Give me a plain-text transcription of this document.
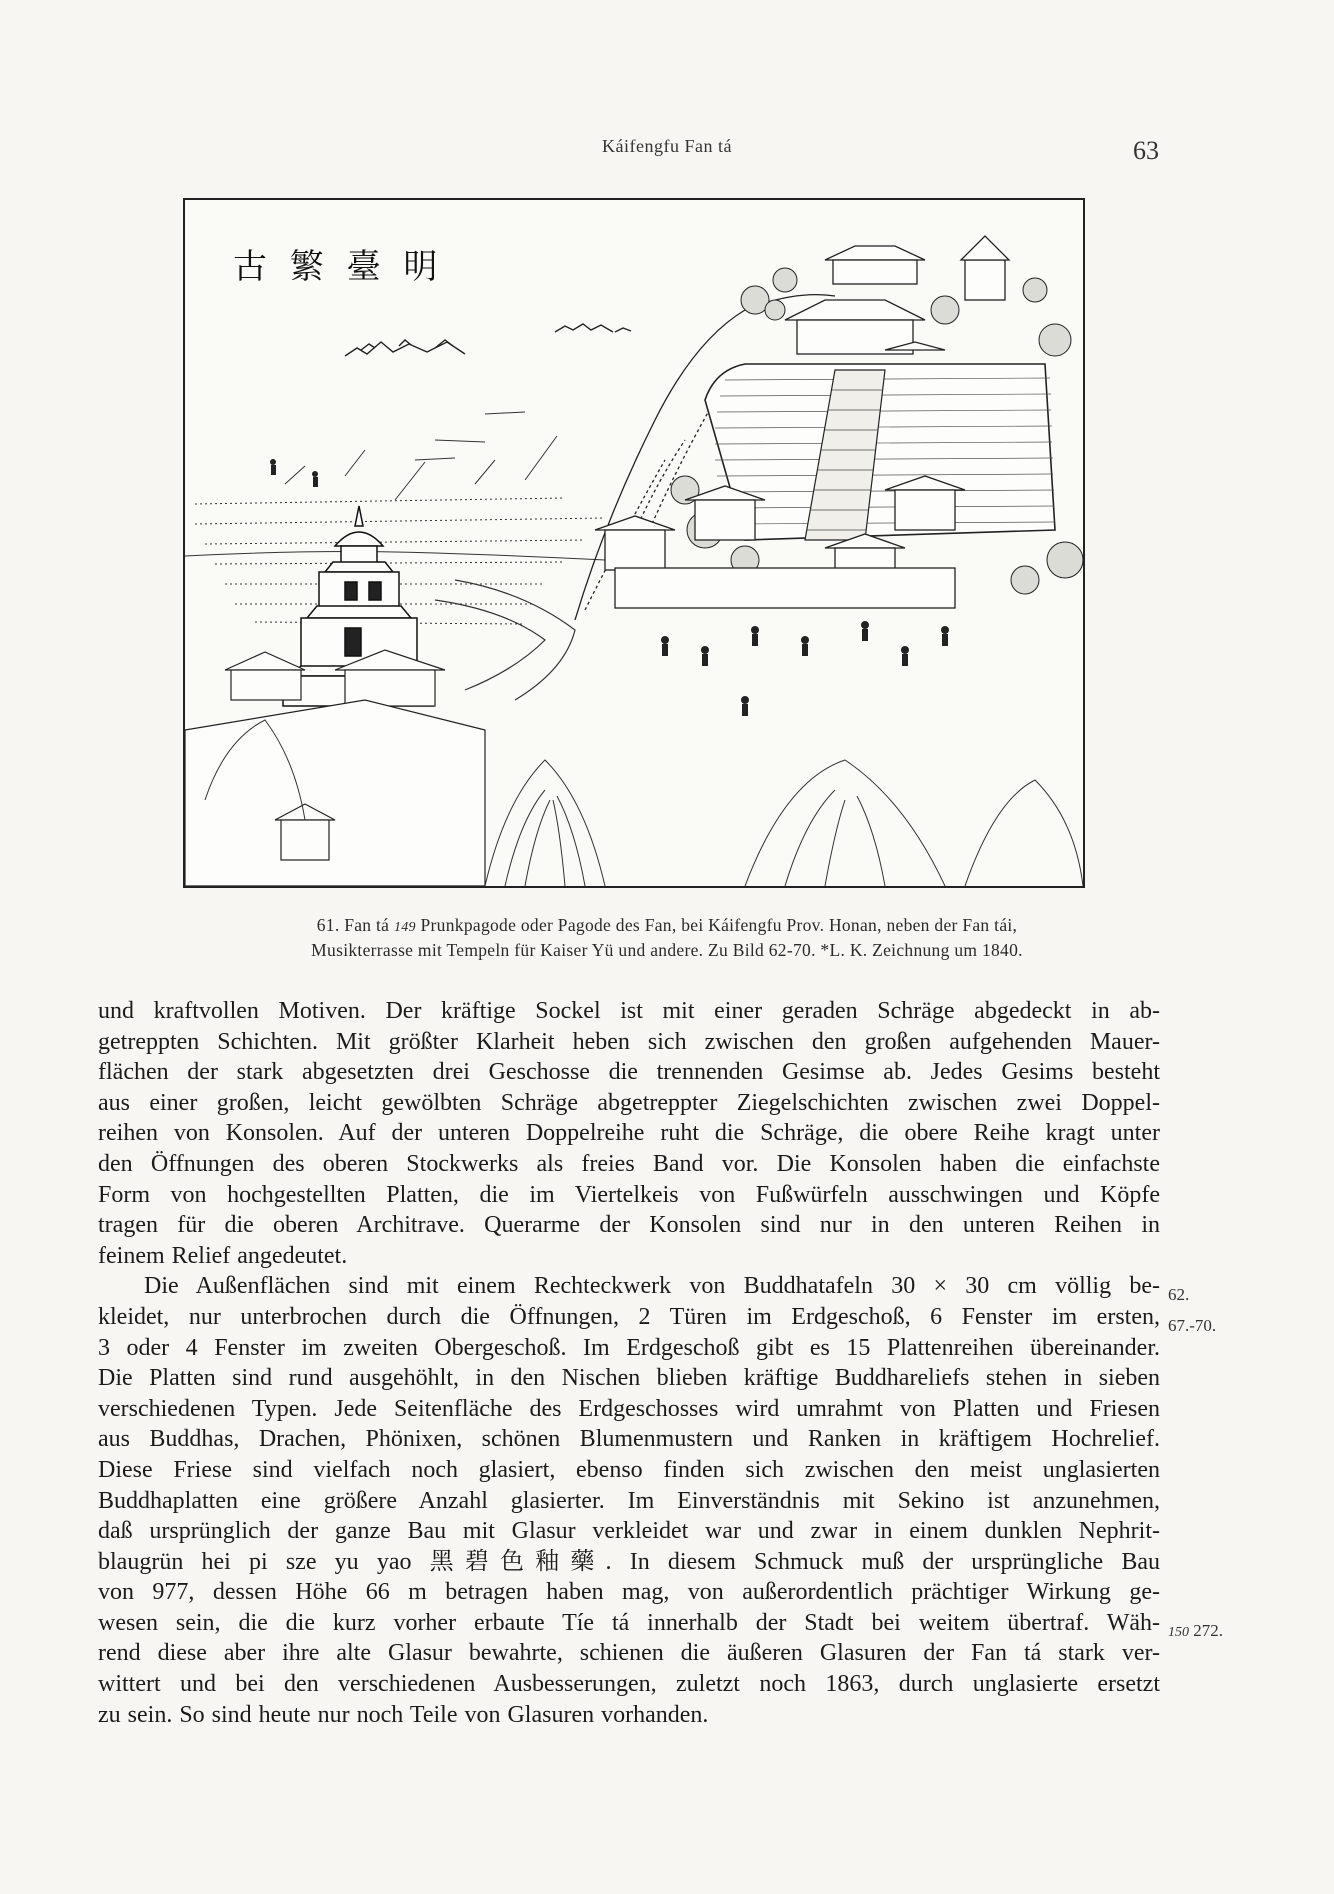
Káifengfu Fan tá	63
古 繁 臺 明
61. Fan tá 149 Prunkpagode oder Pagode des Fan, bei Káifengfu Prov. Honan, neben der Fan tái,
Musikterrasse mit Tempeln für Kaiser Yü und andere. Zu Bild 62-70. *L. K. Zeichnung um 1840.
und kraftvollen Motiven. Der kräftige Sockel ist mit einer geraden Schräge abgedeckt in ab-
getreppten Schichten. Mit größter Klarheit heben sich zwischen den großen aufgehenden Mauer-
flächen der stark abgesetzten drei Geschosse die trennenden Gesimse ab. Jedes Gesims besteht
aus einer großen, leicht gewölbten Schräge abgetreppter Ziegelschichten zwischen zwei Doppel-
reihen von Konsolen. Auf der unteren Doppelreihe ruht die Schräge, die obere Reihe kragt unter
den Öffnungen des oberen Stockwerks als freies Band vor. Die Konsolen haben die einfachste
Form von hochgestellten Platten, die im Viertelkeis von Fußwürfeln ausschwingen und Köpfe
tragen für die oberen Architrave. Querarme der Konsolen sind nur in den unteren Reihen in
feinem Relief angedeutet.
Die Außenflächen sind mit einem Rechteckwerk von Buddhatafeln 30 × 30 cm völlig be-
kleidet, nur unterbrochen durch die Öffnungen, 2 Türen im Erdgeschoß, 6 Fenster im ersten,
3 oder 4 Fenster im zweiten Obergeschoß. Im Erdgeschoß gibt es 15 Plattenreihen übereinander.
Die Platten sind rund ausgehöhlt, in den Nischen blieben kräftige Buddhareliefs stehen in sieben
verschiedenen Typen. Jede Seitenfläche des Erdgeschosses wird umrahmt von Platten und Friesen
aus Buddhas, Drachen, Phönixen, schönen Blumenmustern und Ranken in kräftigem Hochrelief.
Diese Friese sind vielfach noch glasiert, ebenso finden sich zwischen den meist unglasierten
Buddhaplatten eine größere Anzahl glasierter. Im Einverständnis mit Sekino ist anzunehmen,
daß ursprünglich der ganze Bau mit Glasur verkleidet war und zwar in einem dunklen Nephrit-
blaugrün hei pi sze yu yao 黑碧色釉藥. In diesem Schmuck muß der ursprüngliche Bau
von 977, dessen Höhe 66 m betragen haben mag, von außerordentlich prächtiger Wirkung ge-
wesen sein, die die kurz vorher erbaute Tíe tá innerhalb der Stadt bei weitem übertraf. Wäh-
rend diese aber ihre alte Glasur bewahrte, schienen die äußeren Glasuren der Fan tá stark ver-
wittert und bei den verschiedenen Ausbesserungen, zuletzt noch 1863, durch unglasierte ersetzt
zu sein. So sind heute nur noch Teile von Glasuren vorhanden.
62.
67.-70.
150 272.
